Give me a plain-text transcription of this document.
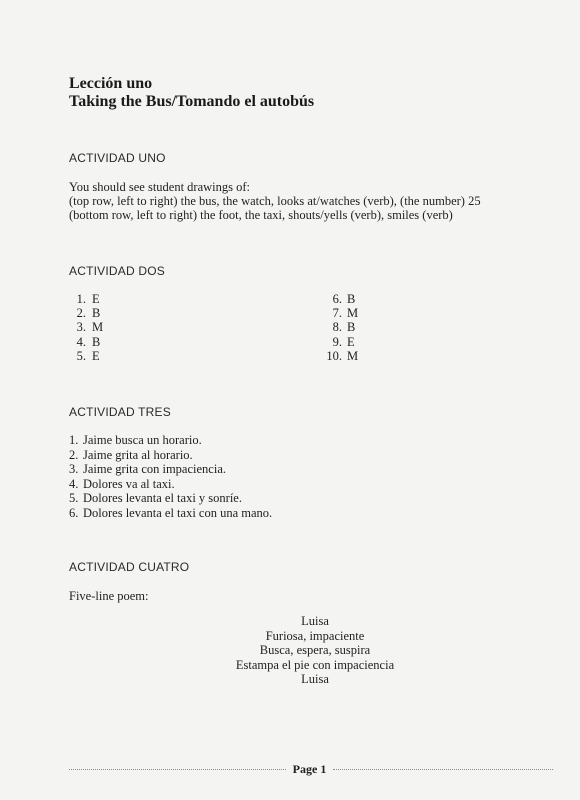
Lección uno
Taking the Bus/Tomando el autobús
ACTIVIDAD UNO
You should see student drawings of:
(top row, left to right) the bus, the watch, looks at/watches (verb), (the number) 25
(bottom row, left to right) the foot, the taxi, shouts/yells (verb), smiles (verb)
ACTIVIDAD DOS
1. E
2. B
3. M
4. B
5. E
6. B
7. M
8. B
9. E
10. M
ACTIVIDAD TRES
1. Jaime busca un horario.
2. Jaime grita al horario.
3. Jaime grita con impaciencia.
4. Dolores va al taxi.
5. Dolores levanta el taxi y sonríe.
6. Dolores levanta el taxi con una mano.
ACTIVIDAD CUATRO
Five-line poem:
Luisa
Furiosa, impaciente
Busca, espera, suspira
Estampa el pie con impaciencia
Luisa
Page 1
